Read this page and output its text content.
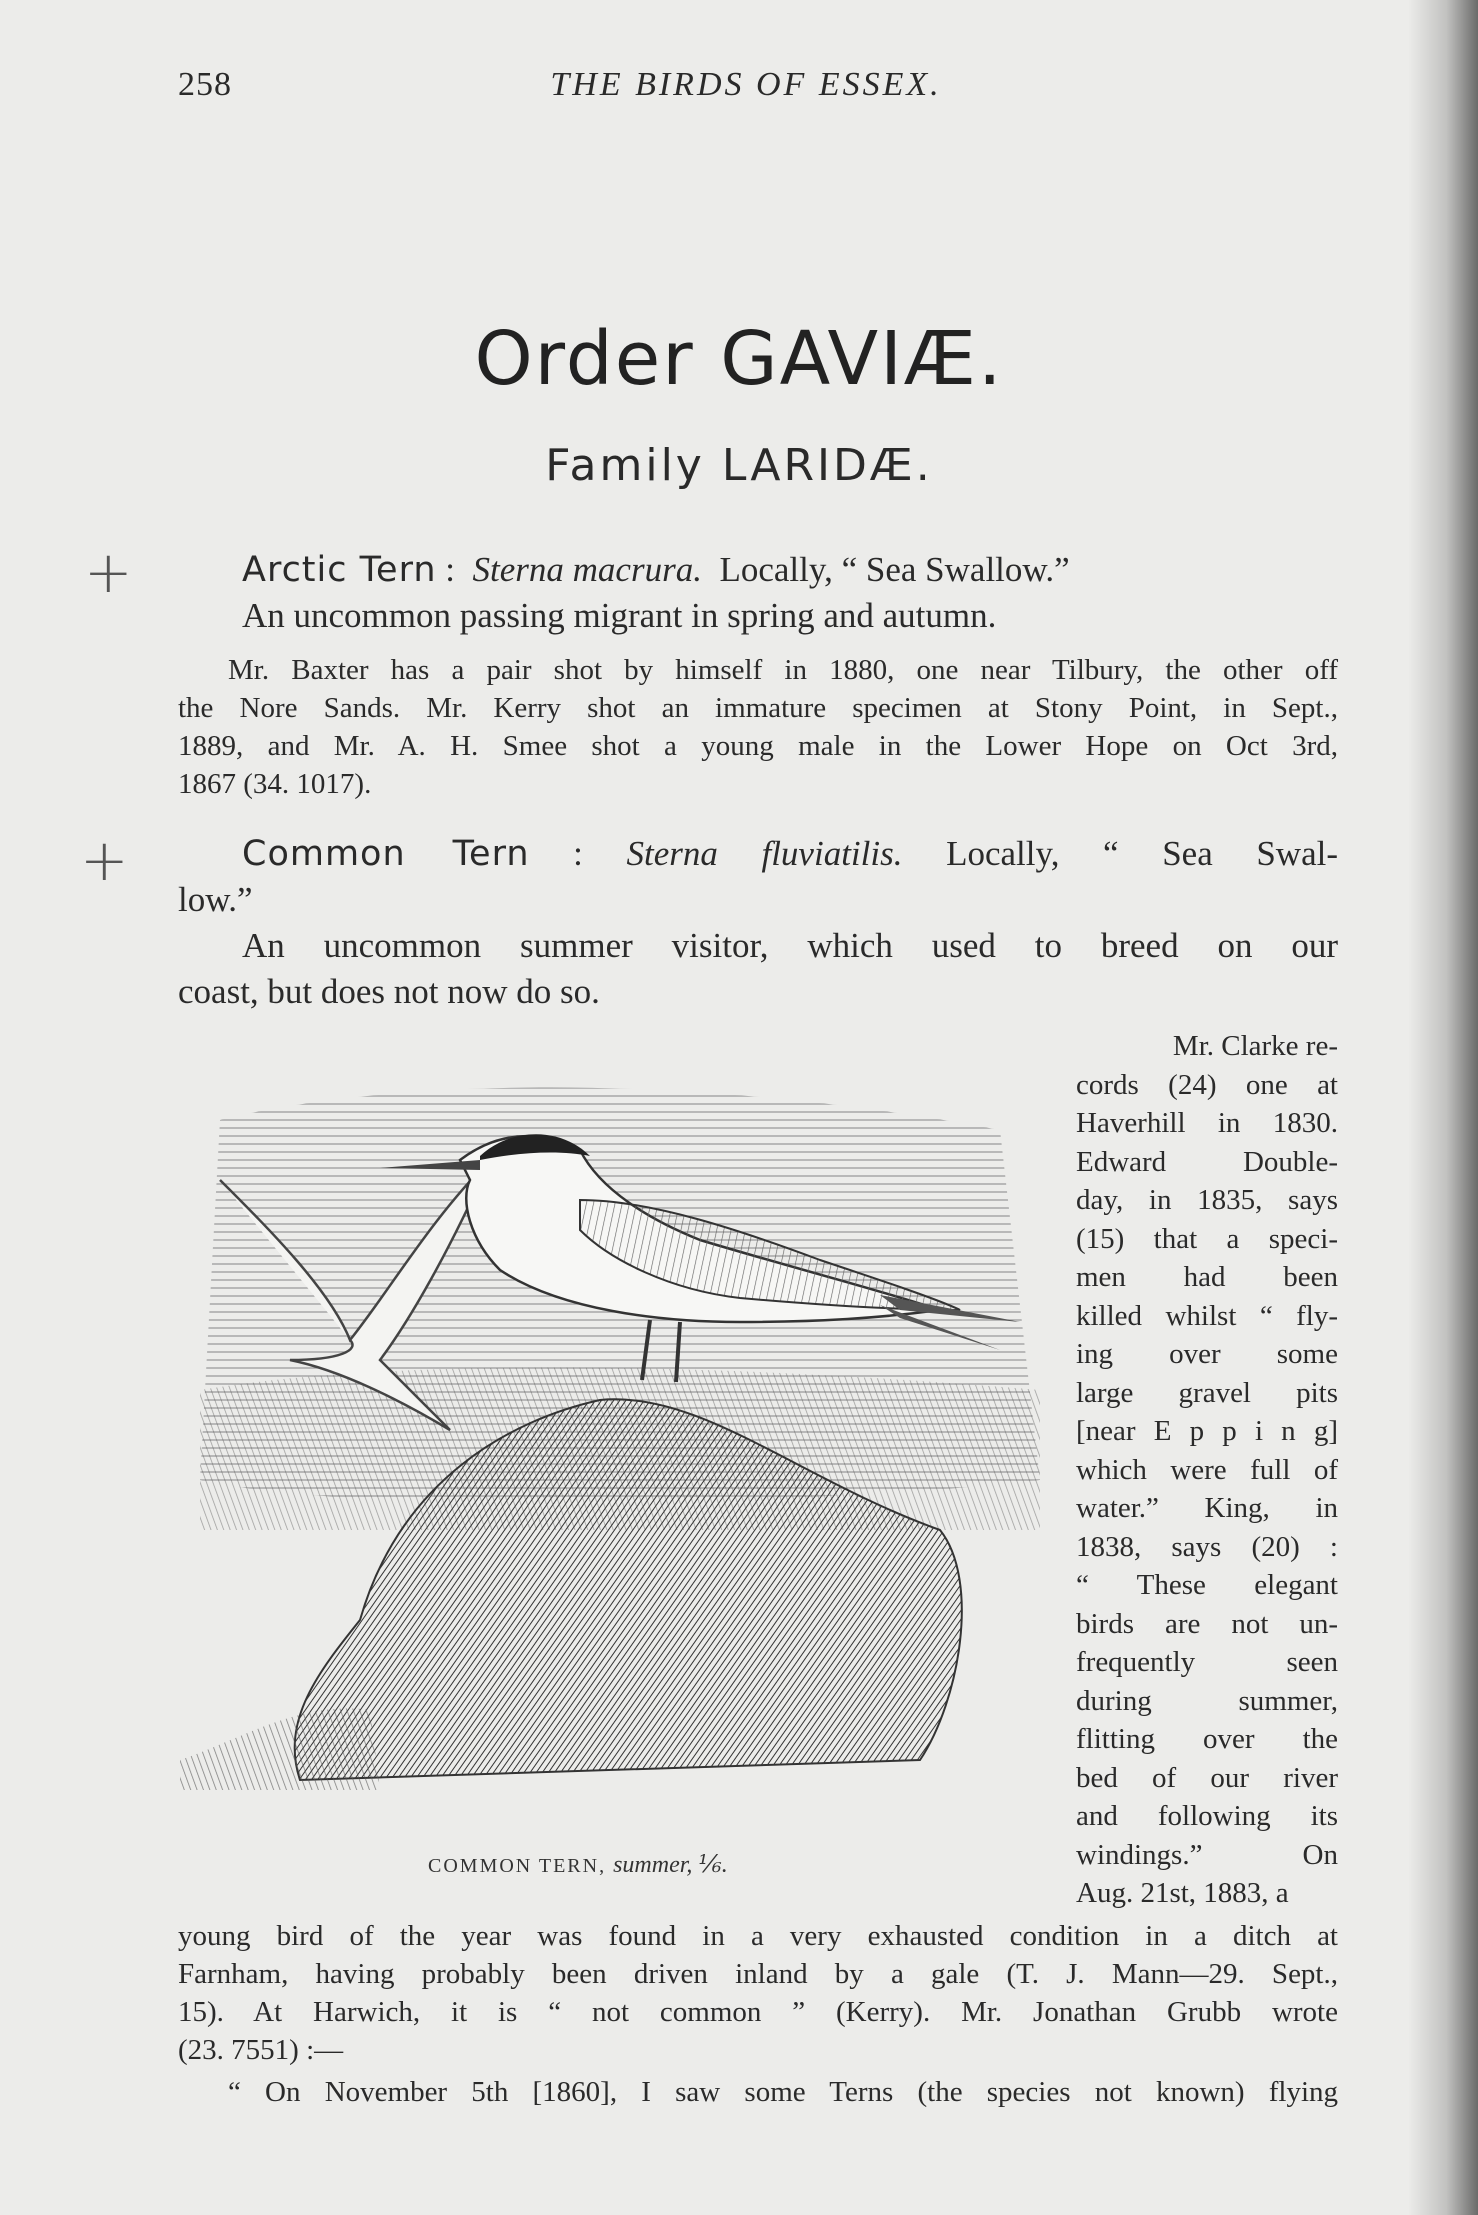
258	THE BIRDS OF ESSEX.
Order GAVIÆ.
Family LARIDÆ.
+
+
Arctic Tern : Sterna macrura. Locally, “ Sea Swallow.”
An uncommon passing migrant in spring and autumn.
Mr. Baxter has a pair shot by himself in 1880, one near Tilbury, the other off
the Nore Sands. Mr. Kerry shot an immature specimen at Stony Point, in Sept.,
1889, and Mr. A. H. Smee shot a young male in the Lower Hope on Oct 3rd,
1867 (34. 1017).
Common Tern : Sterna fluviatilis. Locally, “ Sea Swal-
low.”
An uncommon summer visitor, which used to breed on our
coast, but does not now do so.
Mr. Clarke re-
cords (24) one at
Haverhill in 1830.
Edward Double-
day, in 1835, says
(15) that a speci-
men had been
killed whilst “ fly-
ing over some
large gravel pits
[near E p p i n g]
which were full of
water.” King, in
1838, says (20) :
“ These elegant
birds are not un-
frequently seen
during summer,
flitting over the
bed of our river
and following its
windings.” On
Aug. 21st, 1883, a
COMMON TERN, summer, ⅙.
young bird of the year was found in a very exhausted condition in a ditch at
Farnham, having probably been driven inland by a gale (T. J. Mann—29. Sept.,
15). At Harwich, it is “ not common ” (Kerry). Mr. Jonathan Grubb wrote
(23. 7551) :—
“ On November 5th [1860], I saw some Terns (the species not known) flying
